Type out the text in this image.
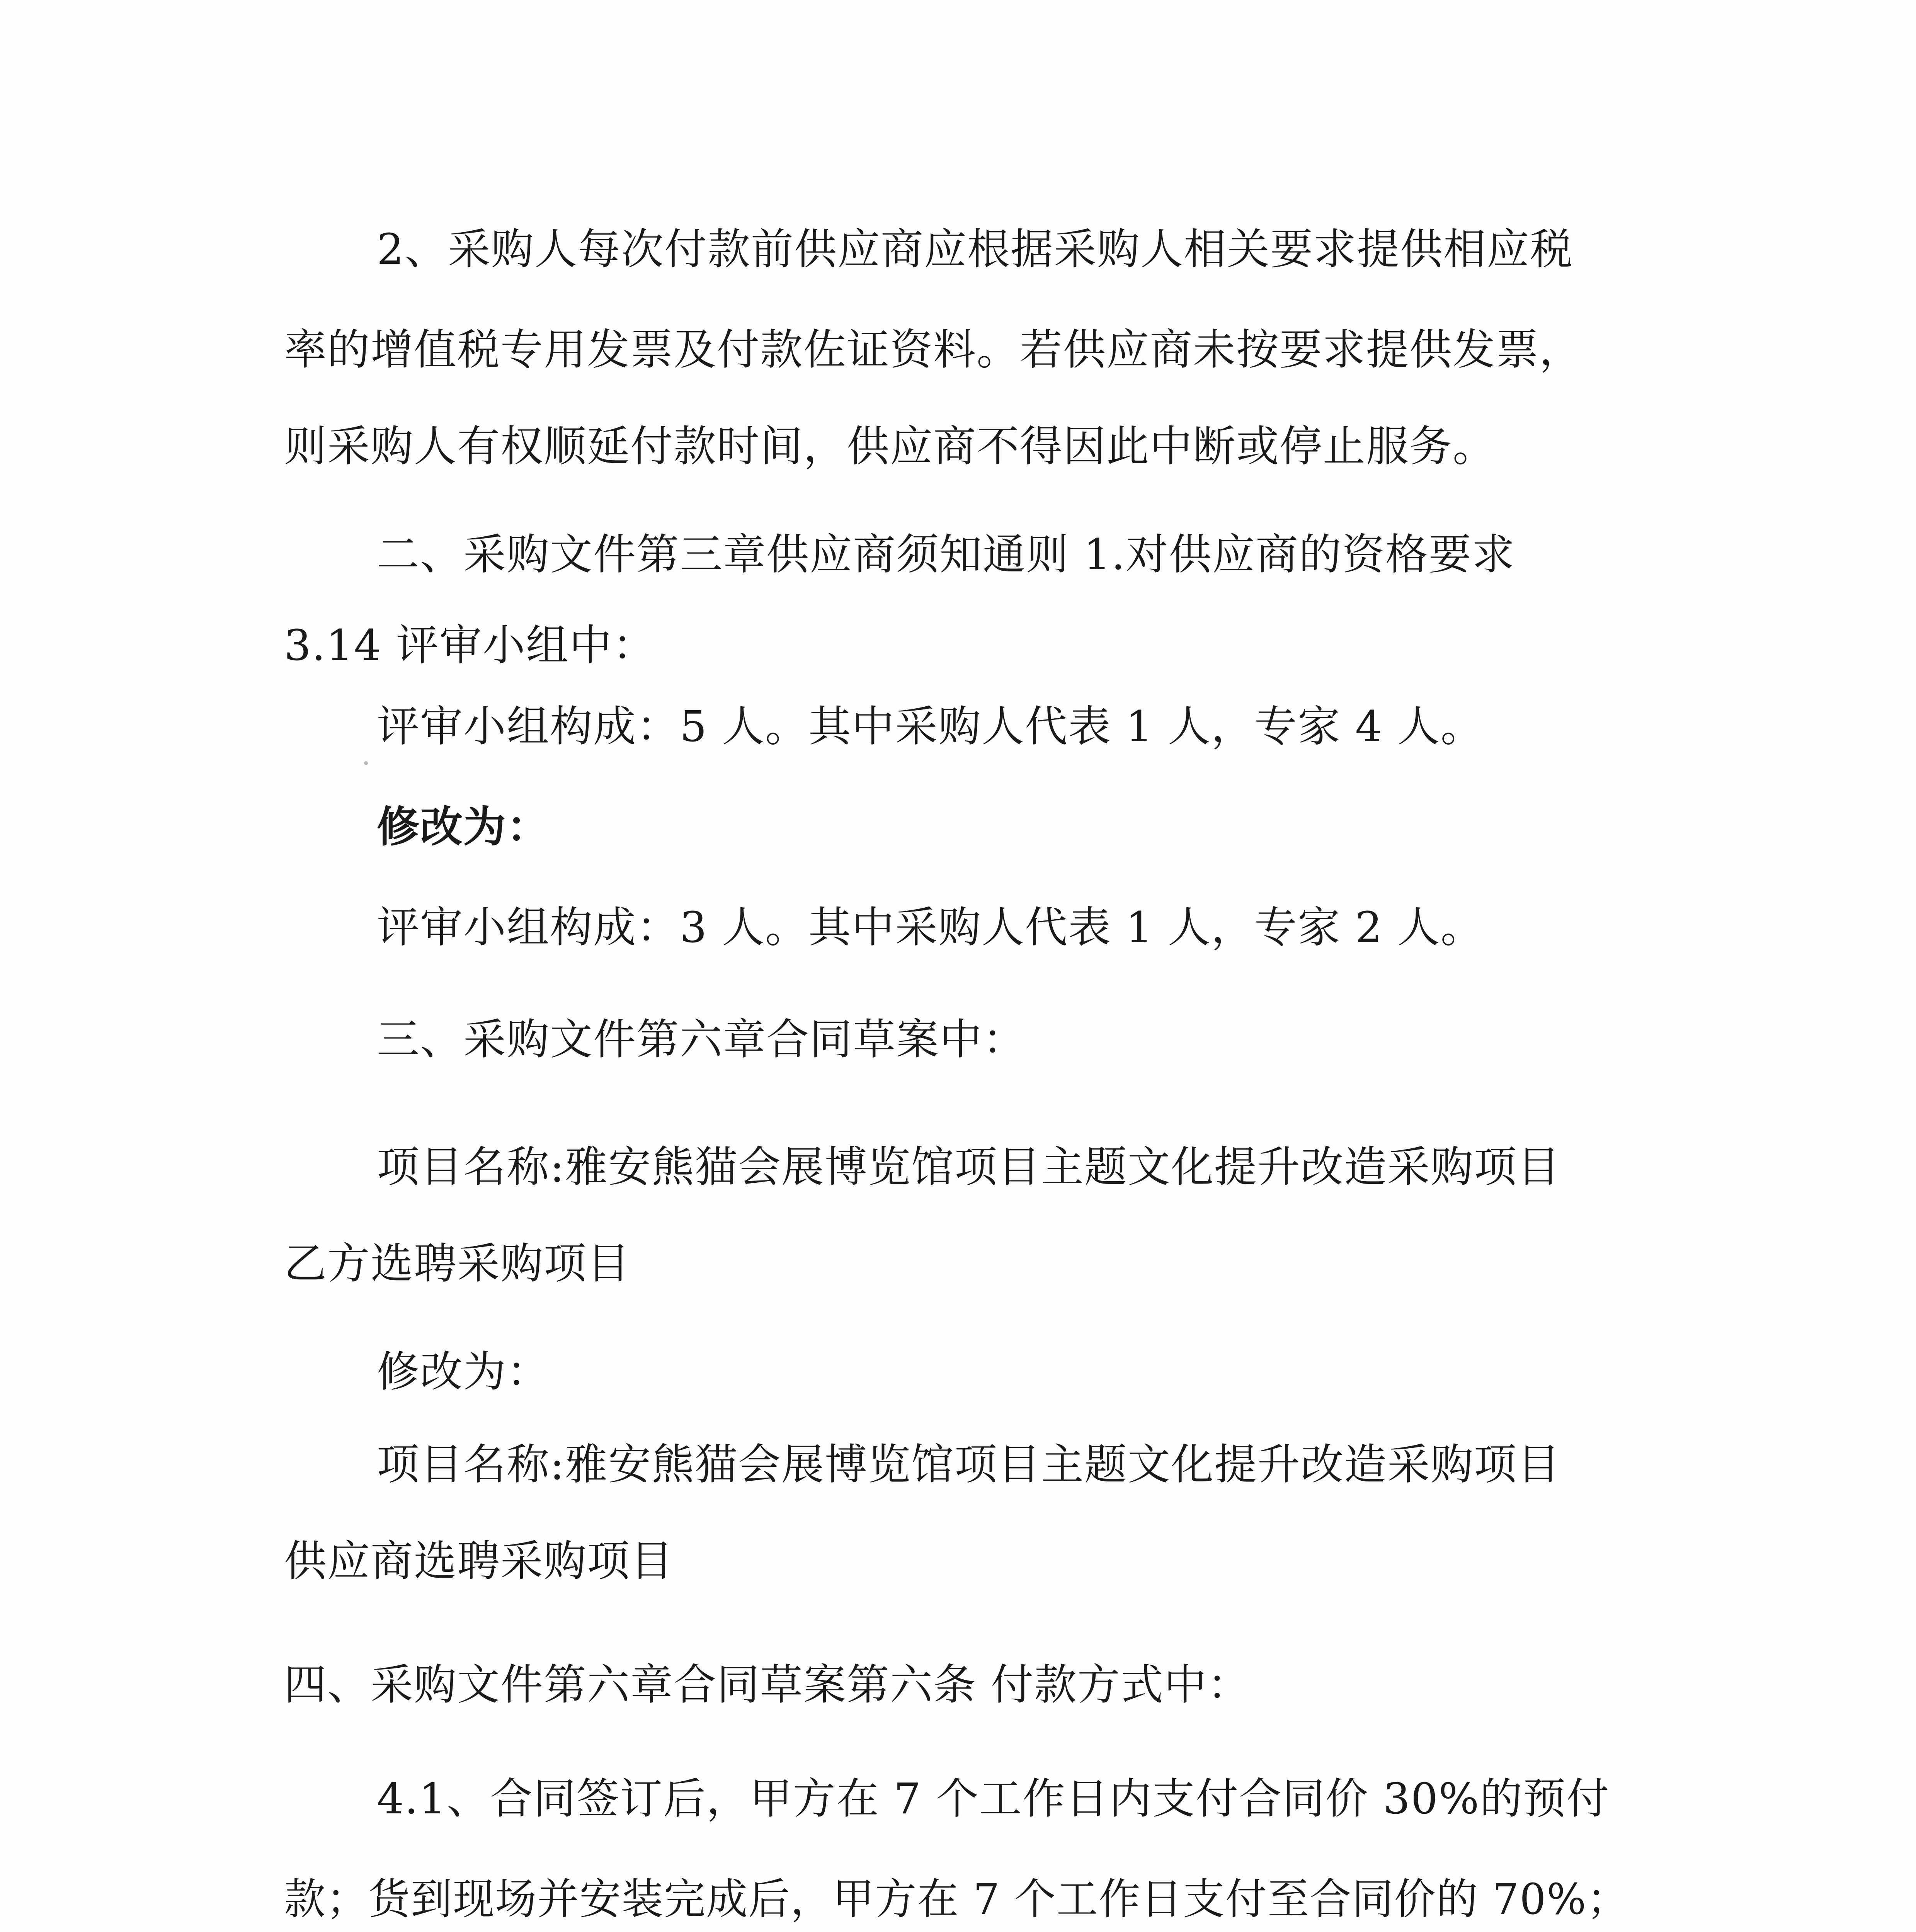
2、采购人每次付款前供应商应根据采购人相关要求提供相应税
率的增值税专用发票及付款佐证资料。若供应商未按要求提供发票，
则采购人有权顺延付款时间，供应商不得因此中断或停止服务。
二、采购文件第三章供应商须知通则 1.对供应商的资格要求
3.14 评审小组中：
评审小组构成：5 人。其中采购人代表 1 人，专家 4 人。
修改为：
评审小组构成：3 人。其中采购人代表 1 人，专家 2 人。
三、采购文件第六章合同草案中：
项目名称:雅安熊猫会展博览馆项目主题文化提升改造采购项目
乙方选聘采购项目
修改为：
项目名称:雅安熊猫会展博览馆项目主题文化提升改造采购项目
供应商选聘采购项目
四、采购文件第六章合同草案第六条 付款方式中：
4.1、合同签订后，甲方在 7 个工作日内支付合同价 30%的预付
款；货到现场并安装完成后，甲方在 7 个工作日支付至合同价的 70%；
